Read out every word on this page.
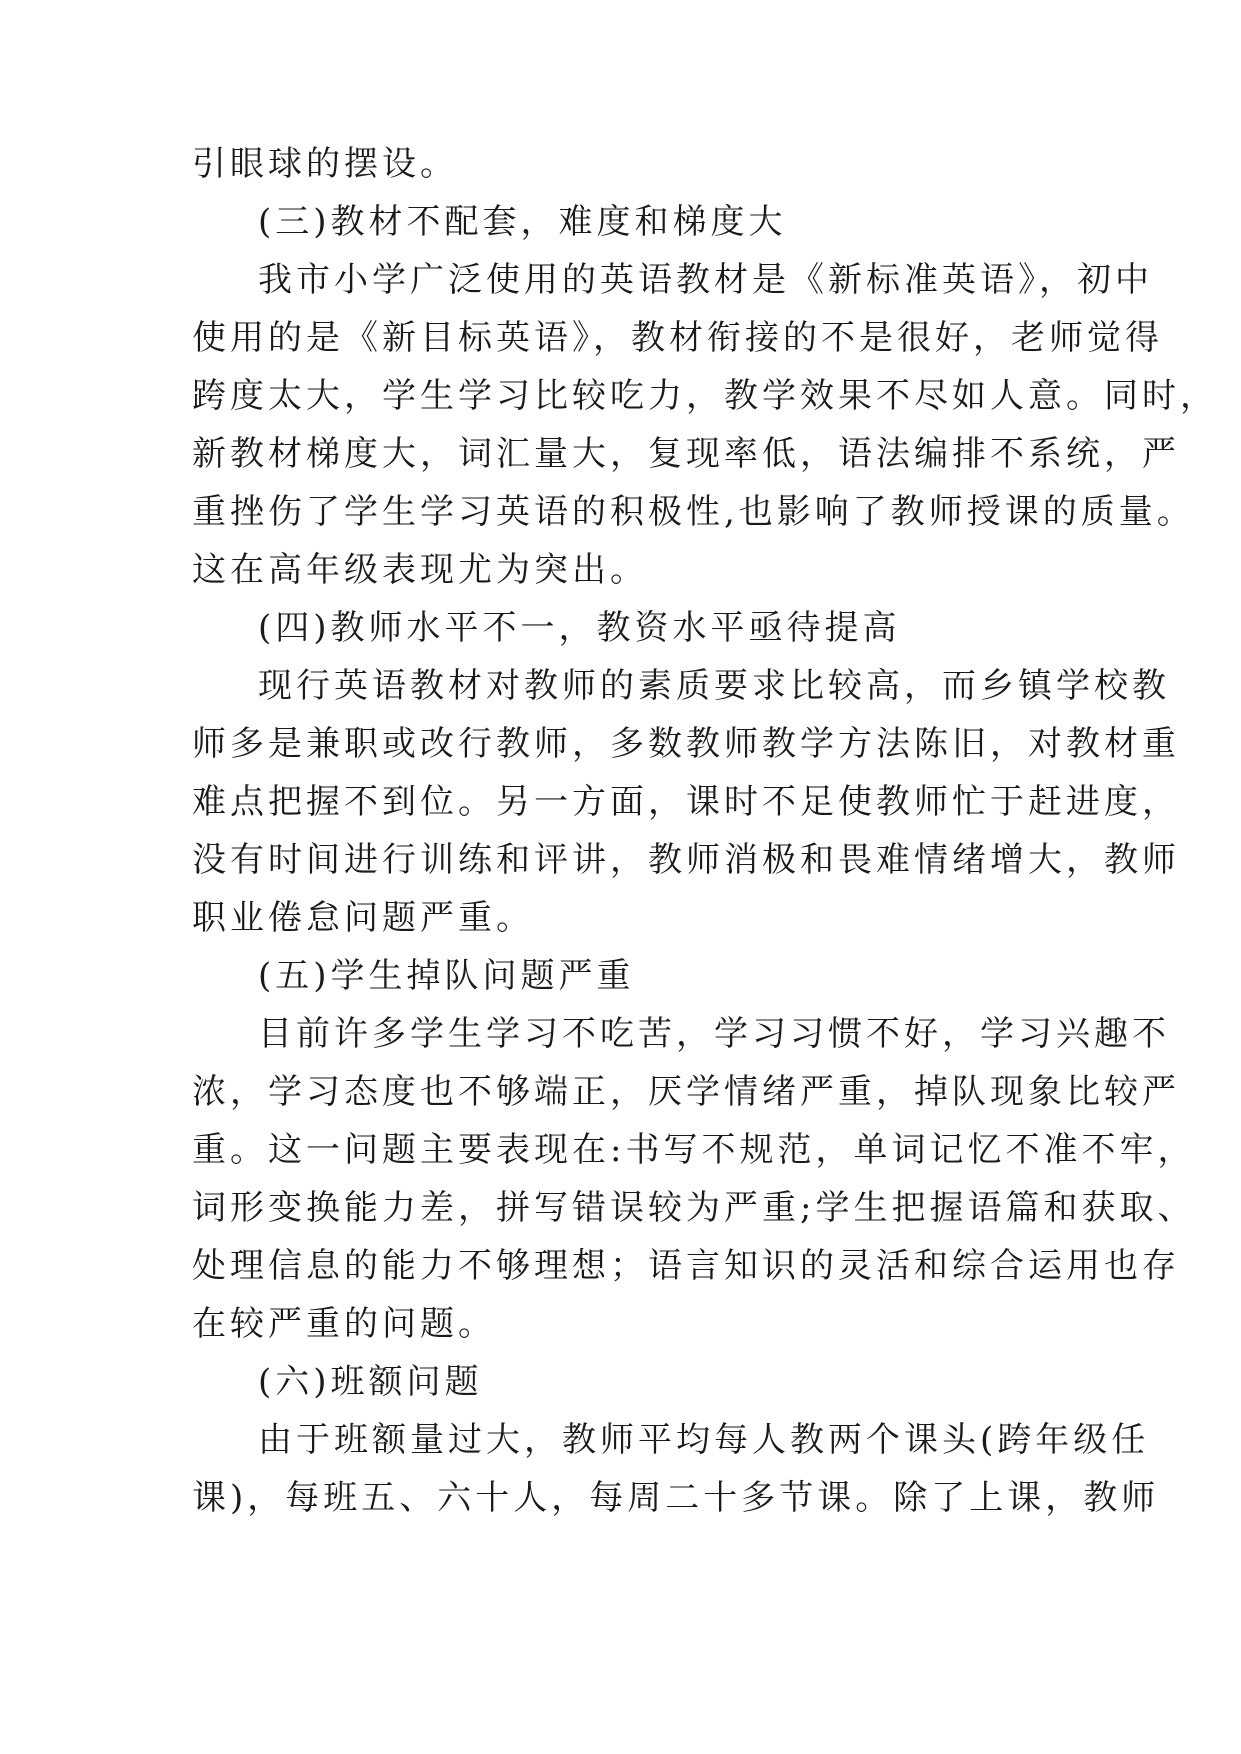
引眼球的摆设。
(三)教材不配套，难度和梯度大
我市小学广泛使用的英语教材是《新标准英语》，初中
使用的是《新目标英语》，教材衔接的不是很好，老师觉得
跨度太大，学生学习比较吃力，教学效果不尽如人意。同时，
新教材梯度大，词汇量大，复现率低，语法编排不系统，严
重挫伤了学生学习英语的积极性,也影响了教师授课的质量。
这在高年级表现尤为突出。
(四)教师水平不一，教资水平亟待提高
现行英语教材对教师的素质要求比较高，而乡镇学校教
师多是兼职或改行教师，多数教师教学方法陈旧，对教材重
难点把握不到位。另一方面，课时不足使教师忙于赶进度，
没有时间进行训练和评讲，教师消极和畏难情绪增大，教师
职业倦怠问题严重。
(五)学生掉队问题严重
目前许多学生学习不吃苦，学习习惯不好，学习兴趣不
浓，学习态度也不够端正，厌学情绪严重，掉队现象比较严
重。这一问题主要表现在:书写不规范，单词记忆不准不牢，
词形变换能力差，拼写错误较为严重;学生把握语篇和获取、
处理信息的能力不够理想；语言知识的灵活和综合运用也存
在较严重的问题。
(六)班额问题
由于班额量过大，教师平均每人教两个课头(跨年级任
课)，每班五、六十人，每周二十多节课。除了上课，教师
